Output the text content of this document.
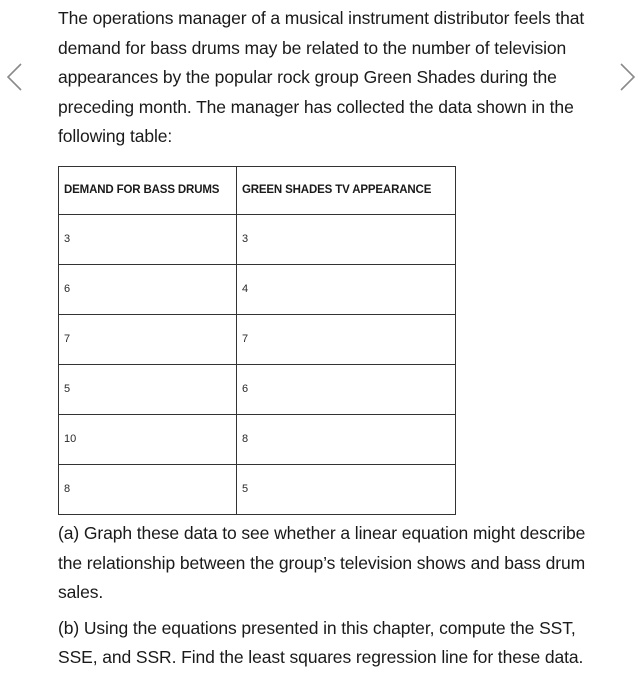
The operations manager of a musical instrument distributor feels that demand for bass drums may be related to the number of television appearances by the popular rock group Green Shades during the preceding month. The manager has collected the data shown in the following table:

DEMAND FOR BASS DRUMS	GREEN SHADES TV APPEARANCE
3	3
6	4
7	7
5	6
10	8
8	5

(a) Graph these data to see whether a linear equation might describe the relationship between the group’s television shows and bass drum sales.

(b) Using the equations presented in this chapter, compute the SST, SSE, and SSR. Find the least squares regression line for these data.
